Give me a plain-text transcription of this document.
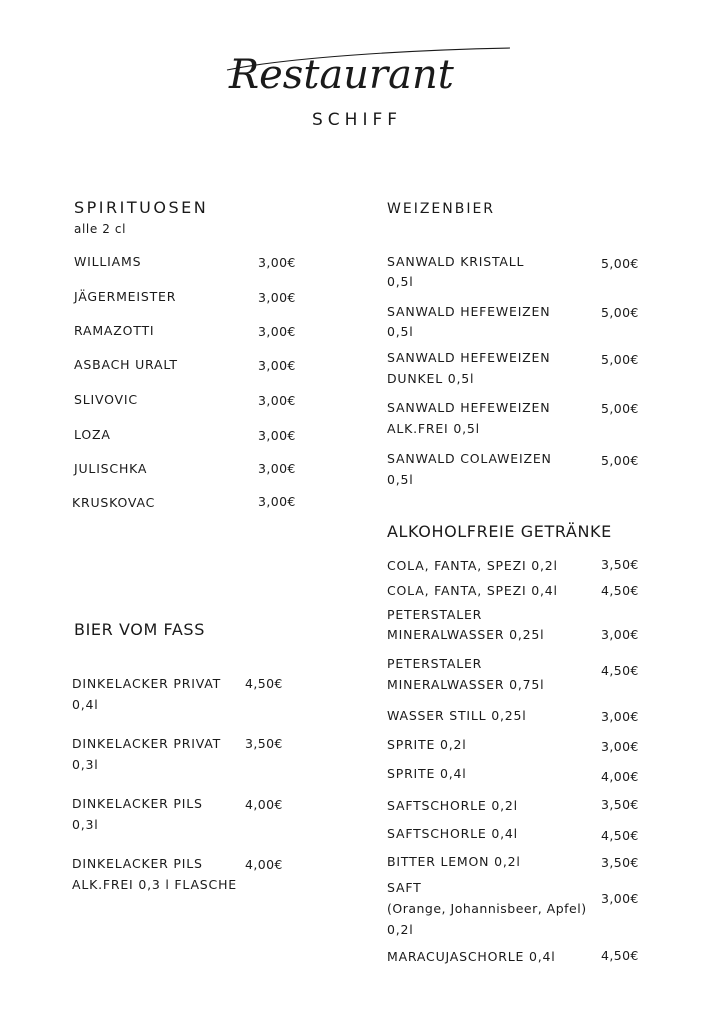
Restaurant
SCHIFF
SPIRITUOSEN
alle 2 cl
WILLIAMS	3,00€
JÄGERMEISTER	3,00€
RAMAZOTTI	3,00€
ASBACH URALT	3,00€
SLIVOVIC	3,00€
LOZA	3,00€
JULISCHKA	3,00€
KRUSKOVAC	3,00€
BIER VOM FASS
DINKELACKER PRIVAT
0,4l
4,50€
DINKELACKER PRIVAT
0,3l
3,50€
DINKELACKER PILS
0,3l
4,00€
DINKELACKER PILS
ALK.FREI 0,3 l FLASCHE
4,00€
WEIZENBIER
SANWALD KRISTALL
0,5l
5,00€
SANWALD HEFEWEIZEN
0,5l
5,00€
SANWALD HEFEWEIZEN
DUNKEL 0,5l
5,00€
SANWALD HEFEWEIZEN
ALK.FREI 0,5l
5,00€
SANWALD COLAWEIZEN
0,5l
5,00€
ALKOHOLFREIE GETRÄNKE
COLA, FANTA, SPEZI 0,2l	3,50€
COLA, FANTA, SPEZI 0,4l	4,50€
PETERSTALER
MINERALWASSER 0,25l	3,00€
PETERSTALER
MINERALWASSER 0,75l
4,50€
WASSER STILL 0,25l	3,00€
SPRITE 0,2l	3,00€
SPRITE 0,4l	4,00€
SAFTSCHORLE 0,2l	3,50€
SAFTSCHORLE 0,4l	4,50€
BITTER LEMON 0,2l	3,50€
SAFT
(Orange, Johannisbeer, Apfel)
0,2l
3,00€
MARACUJASCHORLE 0,4l	4,50€
